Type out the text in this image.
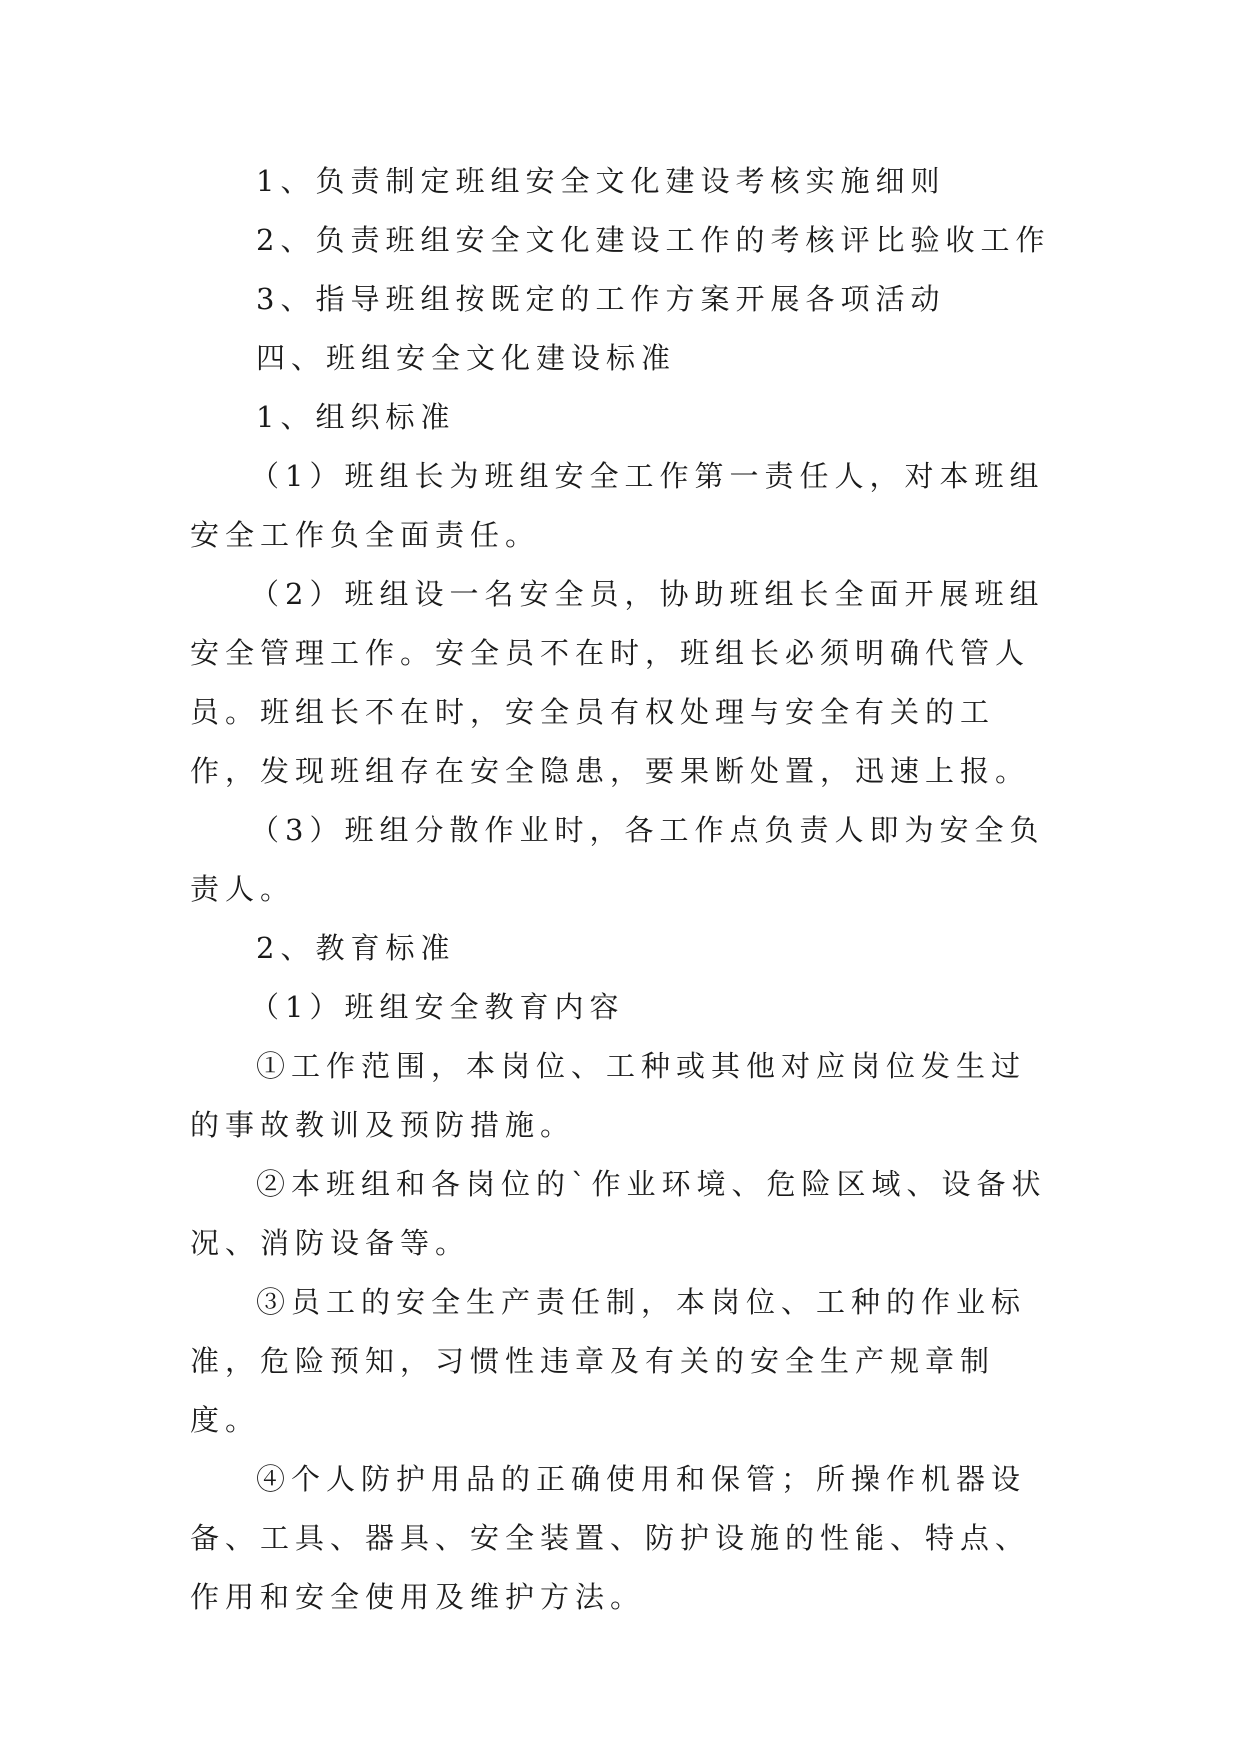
1、负责制定班组安全文化建设考核实施细则

2、负责班组安全文化建设工作的考核评比验收工作

3、指导班组按既定的工作方案开展各项活动

四、班组安全文化建设标准

1、组织标准

（1）班组长为班组安全工作第一责任人，对本班组安全工作负全面责任。

（2）班组设一名安全员，协助班组长全面开展班组安全管理工作。安全员不在时，班组长必须明确代管人员。班组长不在时，安全员有权处理与安全有关的工作，发现班组存在安全隐患，要果断处置，迅速上报。

（3）班组分散作业时，各工作点负责人即为安全负责人。

2、教育标准

（1）班组安全教育内容

①工作范围，本岗位、工种或其他对应岗位发生过的事故教训及预防措施。

②本班组和各岗位的`作业环境、危险区域、设备状况、消防设备等。

③员工的安全生产责任制，本岗位、工种的作业标准，危险预知，习惯性违章及有关的安全生产规章制度。

④个人防护用品的正确使用和保管；所操作机器设备、工具、器具、安全装置、防护设施的性能、特点、作用和安全使用及维护方法。
